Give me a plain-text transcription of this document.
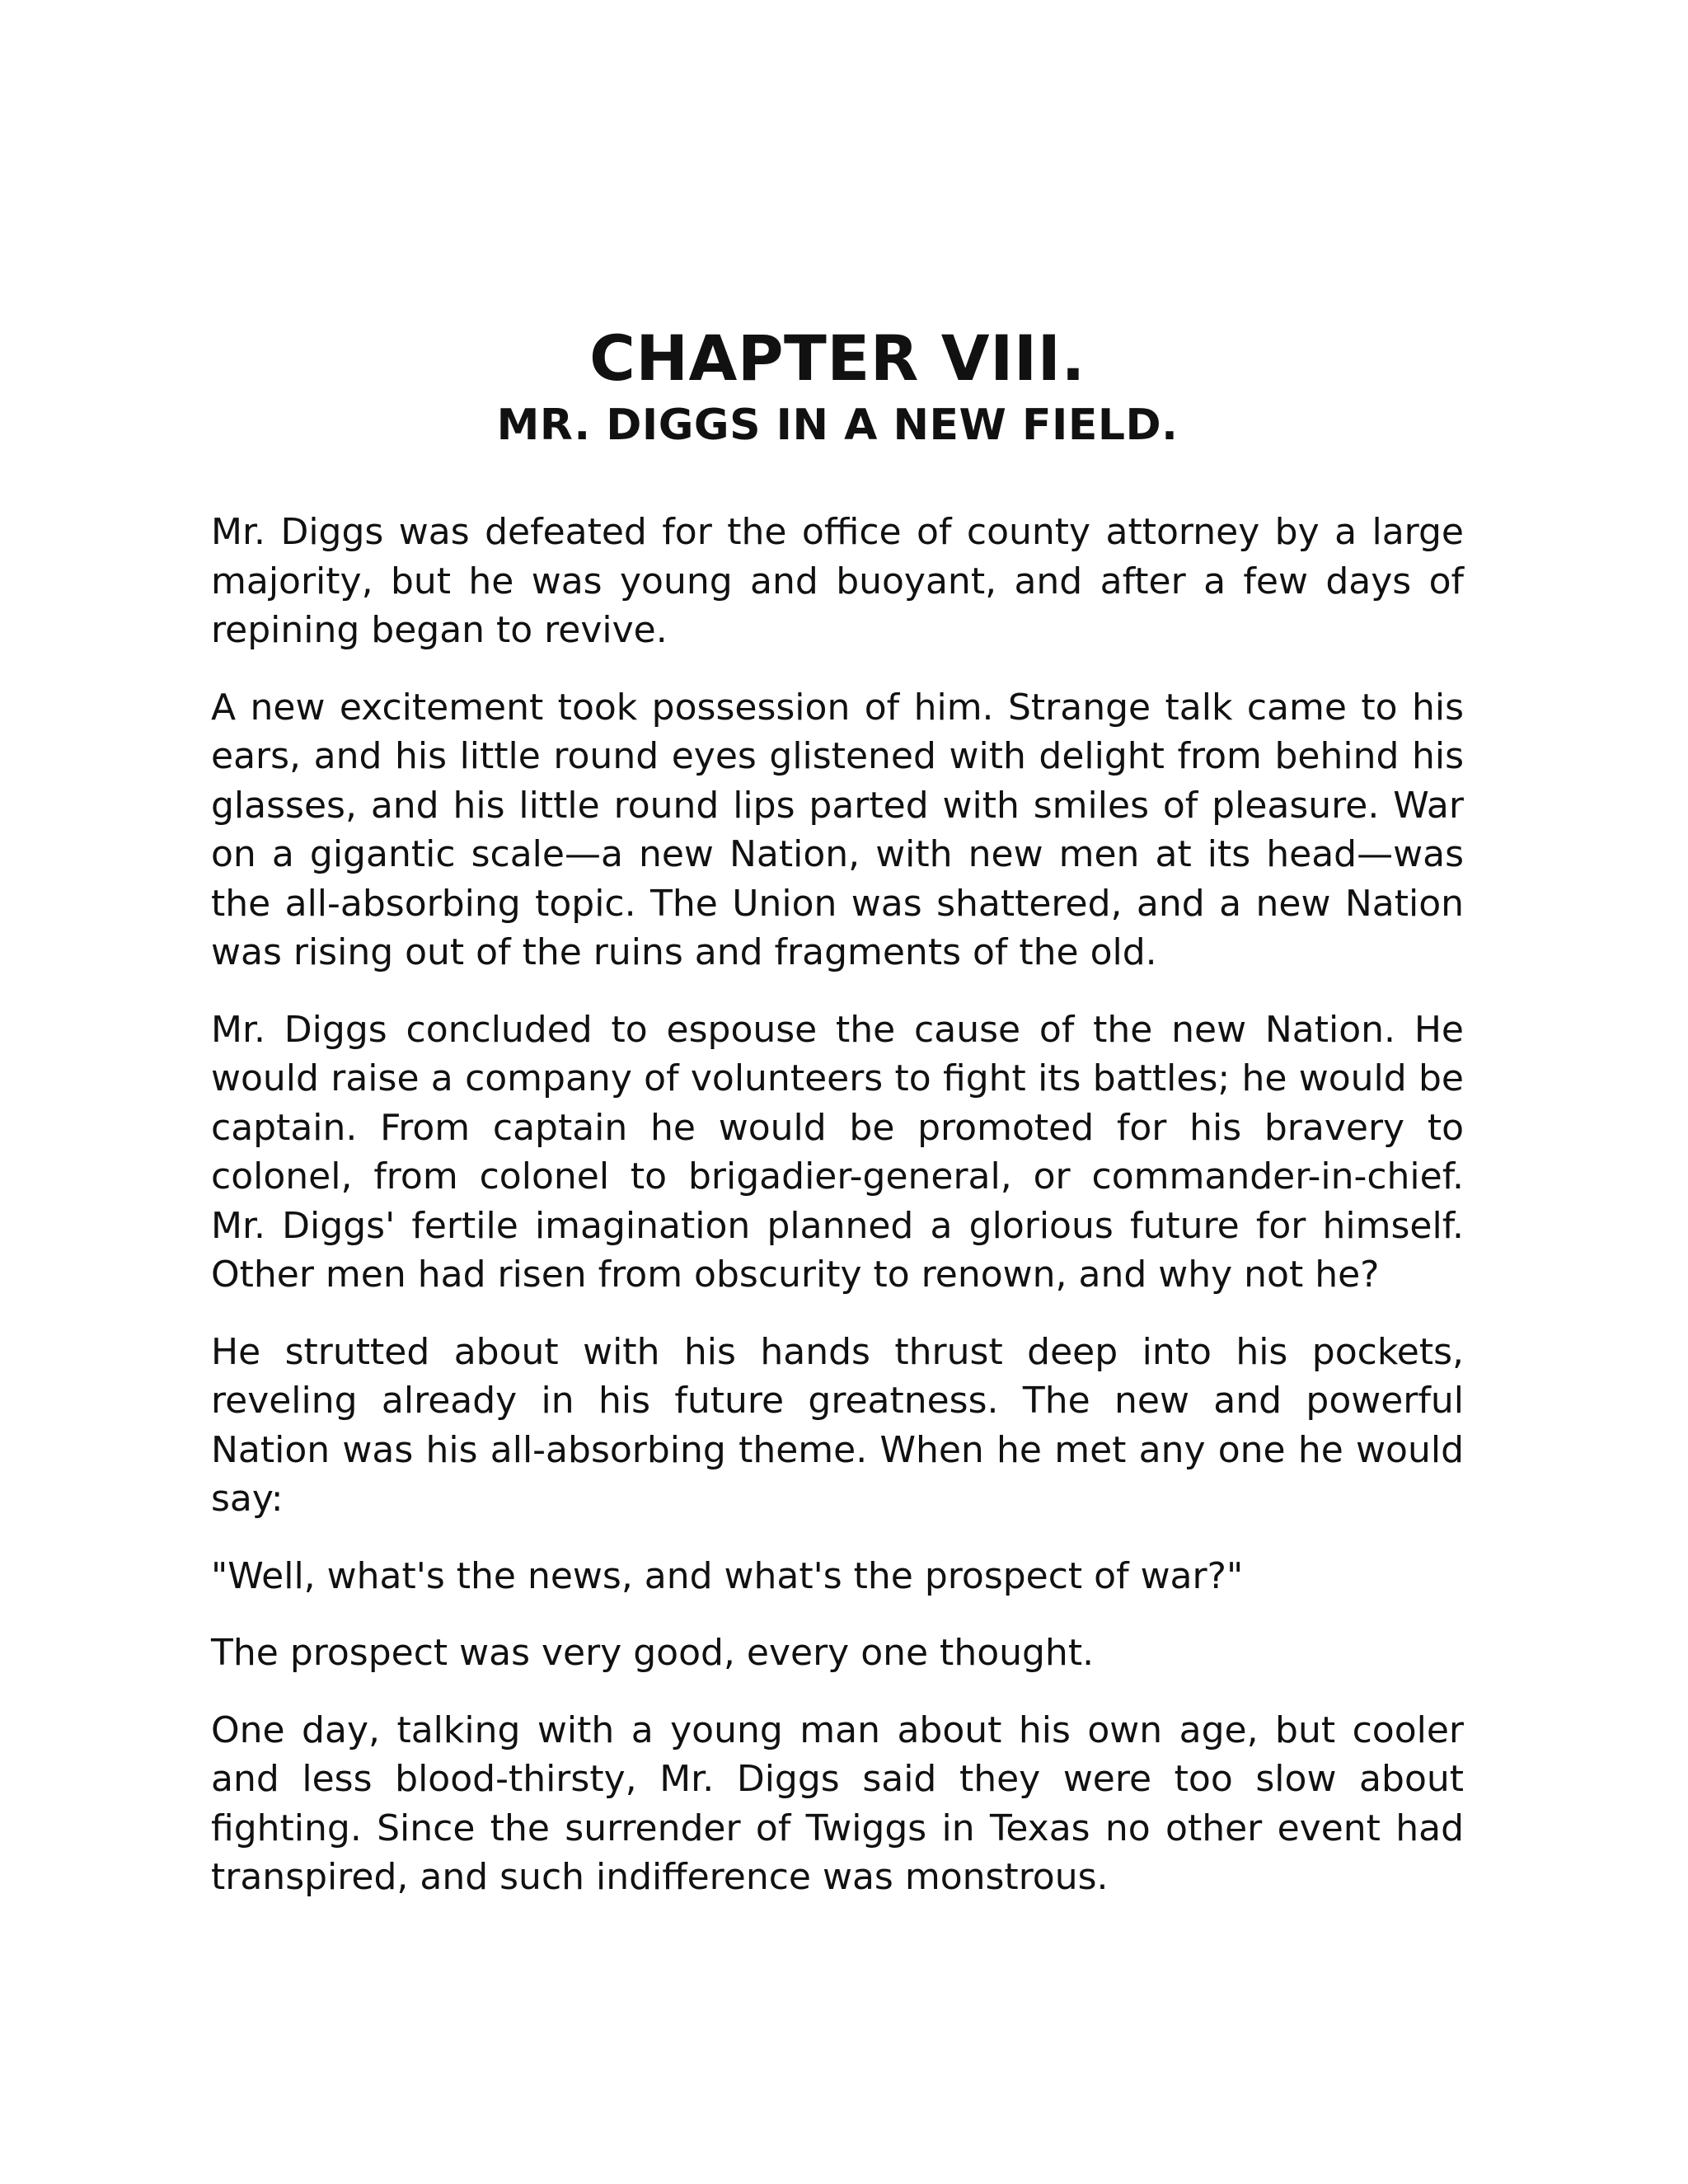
CHAPTER VIII.
MR. DIGGS IN A NEW FIELD.

Mr. Diggs was defeated for the office of county attorney by a large majority, but he was young and buoyant, and after a few days of repining began to revive.

A new excitement took possession of him. Strange talk came to his ears, and his little round eyes glistened with delight from behind his glasses, and his little round lips parted with smiles of pleasure. War on a gigantic scale—a new Nation, with new men at its head—was the all-absorbing topic. The Union was shattered, and a new Nation was rising out of the ruins and fragments of the old.

Mr. Diggs concluded to espouse the cause of the new Nation. He would raise a company of volunteers to fight its battles; he would be captain. From captain he would be promoted for his bravery to colonel, from colonel to brigadier-general, or commander-in-chief. Mr. Diggs' fertile imagination planned a glorious future for himself. Other men had risen from obscurity to renown, and why not he?

He strutted about with his hands thrust deep into his pockets, reveling already in his future greatness. The new and powerful Nation was his all-absorbing theme. When he met any one he would say:

"Well, what's the news, and what's the prospect of war?"

The prospect was very good, every one thought.

One day, talking with a young man about his own age, but cooler and less blood-thirsty, Mr. Diggs said they were too slow about fighting. Since the surrender of Twiggs in Texas no other event had transpired, and such indifference was monstrous.
